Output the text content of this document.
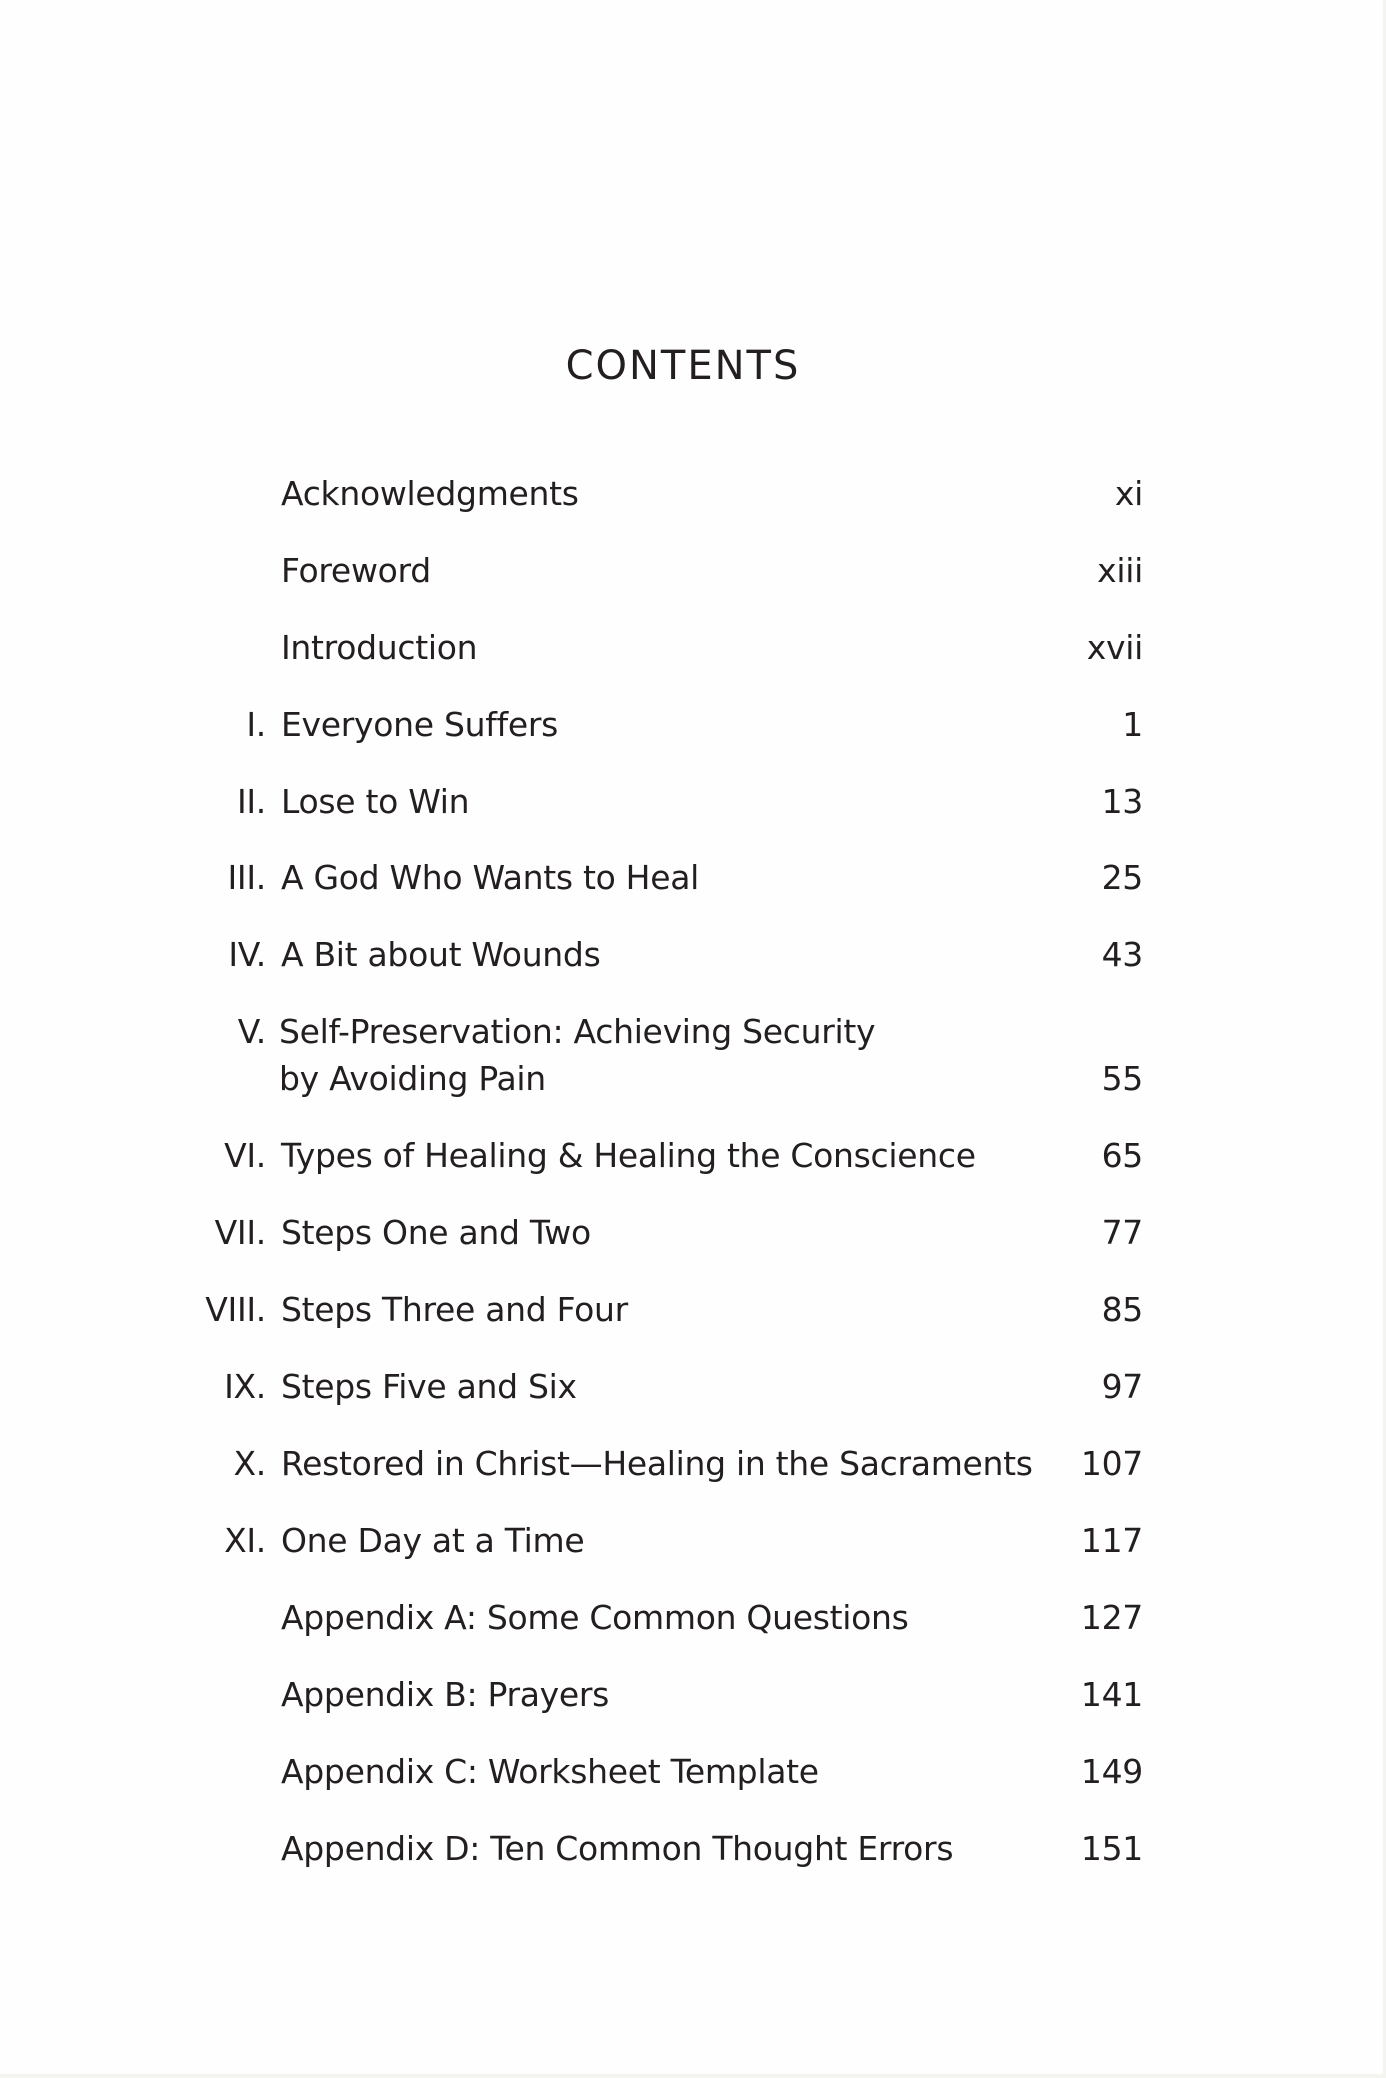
CONTENTS
Acknowledgments	xi
Foreword	xiii
Introduction	xvii
I. Everyone Suffers	1
II. Lose to Win	13
III. A God Who Wants to Heal	25
IV. A Bit about Wounds	43
V. Self-Preservation: Achieving Security
by Avoiding Pain	55
VI. Types of Healing & Healing the Conscience	65
VII. Steps One and Two	77
VIII. Steps Three and Four	85
IX. Steps Five and Six	97
X. Restored in Christ—Healing in the Sacraments 107
XI. One Day at a Time	117
Appendix A: Some Common Questions	127
Appendix B: Prayers	141
Appendix C: Worksheet Template	149
Appendix D: Ten Common Thought Errors	151
